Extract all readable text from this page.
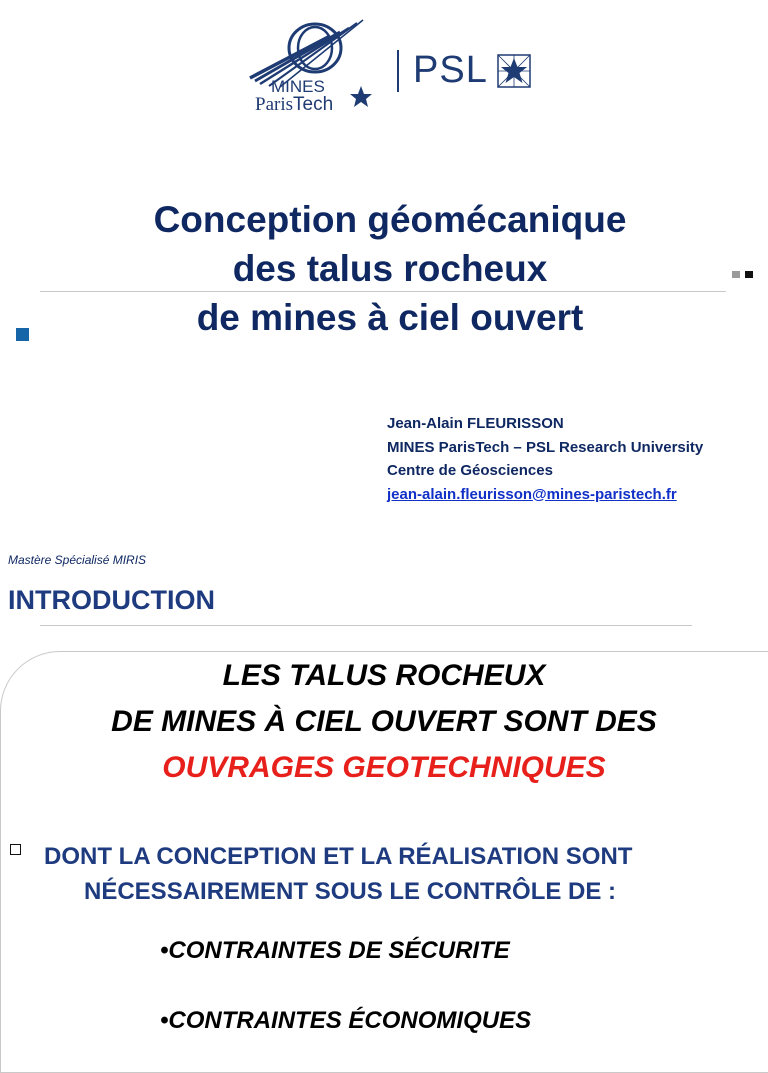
MINES
ParisTech
PSL
Conception géomécanique
des talus rocheux
de mines à ciel ouvert
Jean-Alain FLEURISSON
MINES ParisTech – PSL Research University
Centre de Géosciences
jean-alain.fleurisson@mines-paristech.fr
Mastère Spécialisé MIRIS
INTRODUCTION
LES TALUS ROCHEUX
DE MINES À CIEL OUVERT SONT DES
OUVRAGES GEOTECHNIQUES
DONT LA CONCEPTION ET LA RÉALISATION SONT
NÉCESSAIREMENT SOUS LE CONTRÔLE DE :
•CONTRAINTES DE SÉCURITE
•CONTRAINTES ÉCONOMIQUES
